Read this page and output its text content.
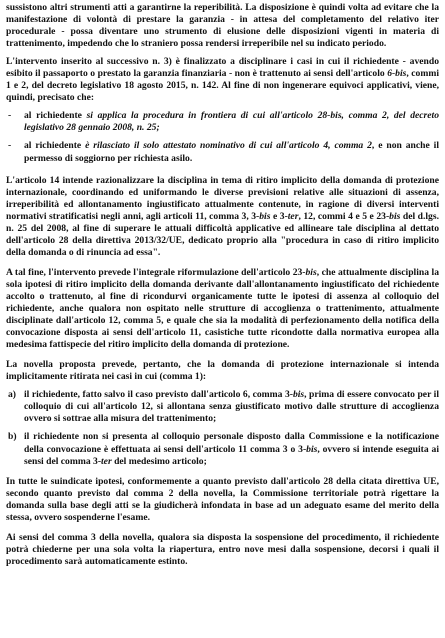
sussistono altri strumenti atti a garantirne la reperibilità. La disposizione è quindi volta ad evitare che la manifestazione di volontà di prestare la garanzia - in attesa del completamento del relativo iter procedurale - possa diventare uno strumento di elusione delle disposizioni vigenti in materia di trattenimento, impedendo che lo straniero possa rendersi irreperibile nel su indicato periodo.

L'intervento inserito al successivo n. 3) è finalizzato a disciplinare i casi in cui il richiedente - avendo esibito il passaporto o prestato la garanzia finanziaria - non è trattenuto ai sensi dell'articolo 6-bis, commi 1 e 2, del decreto legislativo 18 agosto 2015, n. 142. Al fine di non ingenerare equivoci applicativi, viene, quindi, precisato che:

-	al richiedente si applica la procedura in frontiera di cui all'articolo 28-bis, comma 2, del decreto legislativo 28 gennaio 2008, n. 25;
-	al richiedente è rilasciato il solo attestato nominativo di cui all'articolo 4, comma 2, e non anche il permesso di soggiorno per richiesta asilo.

L'articolo 14 intende razionalizzare la disciplina in tema di ritiro implicito della domanda di protezione internazionale, coordinando ed uniformando le diverse previsioni relative alle situazioni di assenza, irreperibilità ed allontanamento ingiustificato attualmente contenute, in ragione di diversi interventi normativi stratificatisi negli anni, agli articoli 11, comma 3, 3-bis e 3-ter, 12, commi 4 e 5 e 23-bis del d.lgs. n. 25 del 2008, al fine di superare le attuali difficoltà applicative ed allineare tale disciplina al dettato dell'articolo 28 della direttiva 2013/32/UE, dedicato proprio alla "procedura in caso di ritiro implicito della domanda o di rinuncia ad essa".

A tal fine, l'intervento prevede l'integrale riformulazione dell'articolo 23-bis, che attualmente disciplina la sola ipotesi di ritiro implicito della domanda derivante dall'allontanamento ingiustificato del richiedente accolto o trattenuto, al fine di ricondurvi organicamente tutte le ipotesi di assenza al colloquio del richiedente, anche qualora non ospitato nelle strutture di accoglienza o trattenimento, attualmente disciplinate dall'articolo 12, comma 5, e quale che sia la modalità di perfezionamento della notifica della convocazione disposta ai sensi dell'articolo 11, casistiche tutte ricondotte dalla normativa europea alla medesima fattispecie del ritiro implicito della domanda di protezione.

La novella proposta prevede, pertanto, che la domanda di protezione internazionale si intenda implicitamente ritirata nei casi in cui (comma 1):

a) il richiedente, fatto salvo il caso previsto dall'articolo 6, comma 3-bis, prima di essere convocato per il colloquio di cui all'articolo 12, si allontana senza giustificato motivo dalle strutture di accoglienza ovvero si sottrae alla misura del trattenimento;
b) il richiedente non si presenta al colloquio personale disposto dalla Commissione e la notificazione della convocazione è effettuata ai sensi dell'articolo 11 comma 3 o 3-bis, ovvero si intende eseguita ai sensi del comma 3-ter del medesimo articolo;

In tutte le suindicate ipotesi, conformemente a quanto previsto dall'articolo 28 della citata direttiva UE, secondo quanto previsto dal comma 2 della novella, la Commissione territoriale potrà rigettare la domanda sulla base degli atti se la giudicherà infondata in base ad un adeguato esame del merito della stessa, ovvero sospenderne l'esame.

Ai sensi del comma 3 della novella, qualora sia disposta la sospensione del procedimento, il richiedente potrà chiederne per una sola volta la riapertura, entro nove mesi dalla sospensione, decorsi i quali il procedimento sarà automaticamente estinto.
